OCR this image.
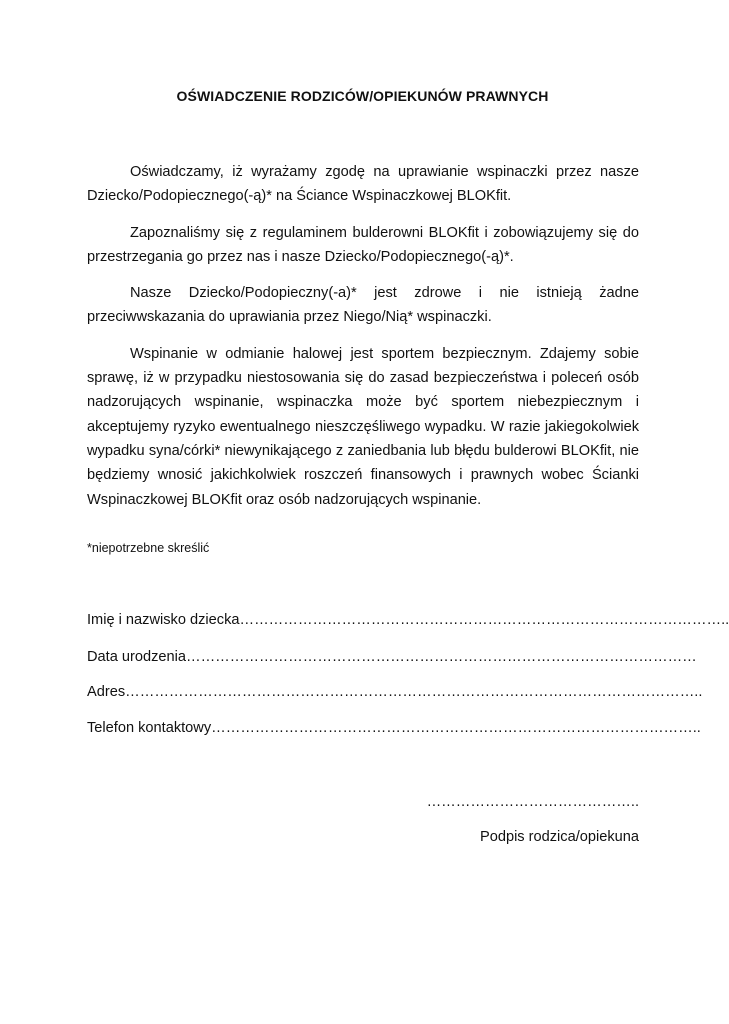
OŚWIADCZENIE RODZICÓW/OPIEKUNÓW PRAWNYCH

Oświadczamy, iż wyrażamy zgodę na uprawianie wspinaczki przez nasze Dziecko/Podopiecznego(-ą)* na Ściance Wspinaczkowej BLOKfit.

Zapoznaliśmy się z regulaminem bulderowni BLOKfit i zobowiązujemy się do przestrzegania go przez nas i nasze Dziecko/Podopiecznego(-ą)*.

Nasze Dziecko/Podopieczny(-a)* jest zdrowe i nie istnieją żadne przeciwwskazania do uprawiania przez Niego/Nią* wspinaczki.

Wspinanie w odmianie halowej jest sportem bezpiecznym. Zdajemy sobie sprawę, iż w przypadku niestosowania się do zasad bezpieczeństwa i poleceń osób nadzorujących wspinanie, wspinaczka może być sportem niebezpiecznym i akceptujemy ryzyko ewentualnego nieszczęśliwego wypadku. W razie jakiegokolwiek wypadku syna/córki* niewynikającego z zaniedbania lub błędu bulderowi BLOKfit, nie będziemy wnosić jakichkolwiek roszczeń finansowych i prawnych wobec Ścianki Wspinaczkowej BLOKfit oraz osób nadzorujących wspinanie.

*niepotrzebne skreślić
Imię i nazwisko dziecka………………………………………………………………………………………..
Data urodzenia……………………………………………………………………………………………
Adres………………………………………………………………………………………………………..
Telefon kontaktowy………………………………………………………………………………………..
……………………………………..
Podpis rodzica/opiekuna
